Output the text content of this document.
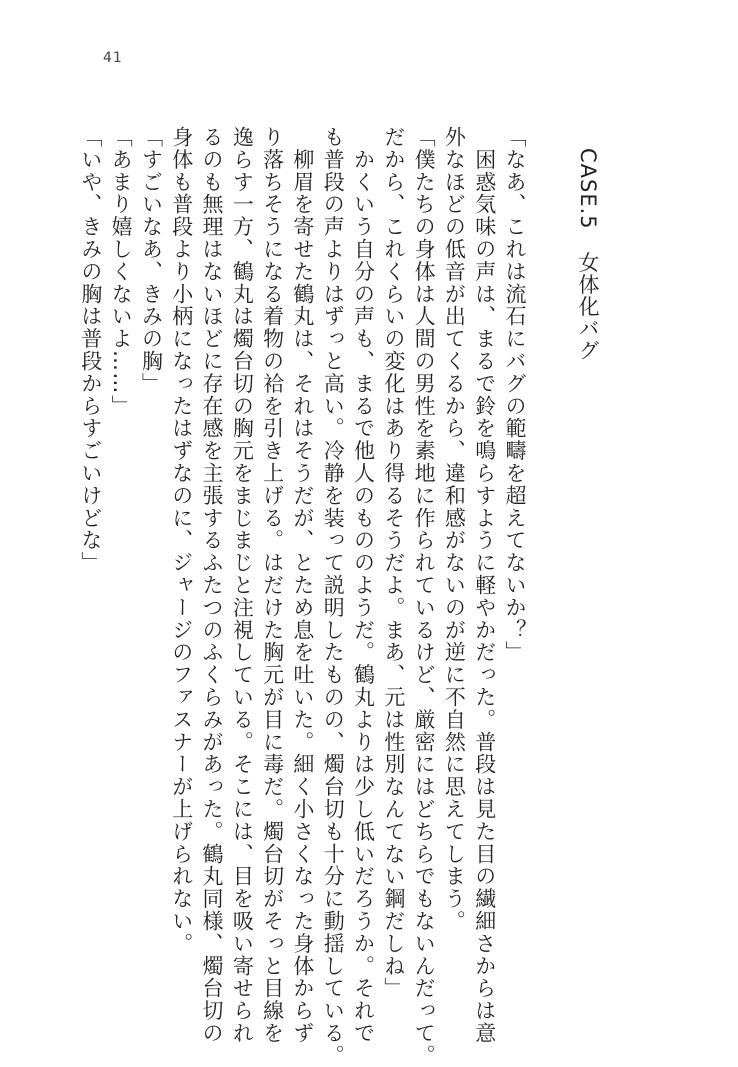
41
CASE.5　女体化バグ
「なあ、これは流石にバグの範疇を超えてないか？」
　困惑気味の声は、まるで鈴を鳴らすように軽やかだった。普段は見た目の繊細さからは意
外なほどの低音が出てくるから、違和感がないのが逆に不自然に思えてしまう。
「僕たちの身体は人間の男性を素地に作られているけど、厳密にはどちらでもないんだって。
だから、これくらいの変化はあり得るそうだよ。まあ、元は性別なんてない鋼だしね」
　かくいう自分の声も、まるで他人のもののようだ。鶴丸よりは少し低いだろうか。それで
も普段の声よりはずっと高い。冷静を装って説明したものの、燭台切も十分に動揺している。
　柳眉を寄せた鶴丸は、それはそうだが、とため息を吐いた。細く小さくなった身体からず
り落ちそうになる着物の袷を引き上げる。はだけた胸元が目に毒だ。燭台切がそっと目線を
逸らす一方、鶴丸は燭台切の胸元をまじまじと注視している。そこには、目を吸い寄せられ
るのも無理はないほどに存在感を主張するふたつのふくらみがあった。鶴丸同様、燭台切の
身体も普段より小柄になったはずなのに、ジャージのファスナーが上げられない。
「すごいなあ、きみの胸」
「あまり嬉しくないよ……」
「いや、きみの胸は普段からすごいけどな」
